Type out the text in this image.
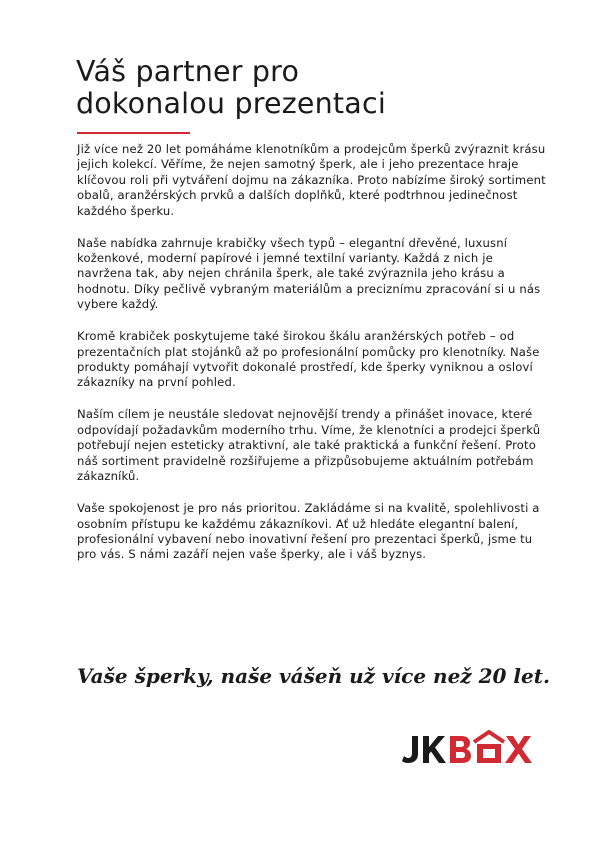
Váš partner pro
dokonalou prezentaci

Již více než 20 let pomáháme klenotníkům a prodejcům šperků zvýraznit krásu jejich kolekcí. Věříme, že nejen samotný šperk, ale i jeho prezentace hraje klíčovou roli při vytváření dojmu na zákazníka. Proto nabízíme široký sortiment obalů, aranžérských prvků a dalších doplňků, které podtrhnou jedinečnost každého šperku.

Naše nabídka zahrnuje krabičky všech typů – elegantní dřevěné, luxusní koženkové, moderní papírové i jemné textilní varianty. Každá z nich je navržena tak, aby nejen chránila šperk, ale také zvýraznila jeho krásu a hodnotu. Díky pečlivě vybraným materiálům a preciznímu zpracování si u nás vybere každý.

Kromě krabiček poskytujeme také širokou škálu aranžérských potřeb – od prezentačních plat stojánků až po profesionální pomůcky pro klenotníky. Naše produkty pomáhají vytvořit dokonalé prostředí, kde šperky vyniknou a osloví zákazníky na první pohled.

Naším cílem je neustále sledovat nejnovější trendy a přinášet inovace, které odpovídají požadavkům moderního trhu. Víme, že klenotníci a prodejci šperků potřebují nejen esteticky atraktivní, ale také praktická a funkční řešení. Proto náš sortiment pravidelně rozšiřujeme a přizpůsobujeme aktuálním potřebám zákazníků.

Vaše spokojenost je pro nás prioritou. Zakládáme si na kvalitě, spolehlivosti a osobním přístupu ke každému zákazníkovi. Ať už hledáte elegantní balení, profesionální vybavení nebo inovativní řešení pro prezentaci šperků, jsme tu pro vás. S námi zazáří nejen vaše šperky, ale i váš byznys.

Vaše šperky, naše vášeň už více než 20 let.
